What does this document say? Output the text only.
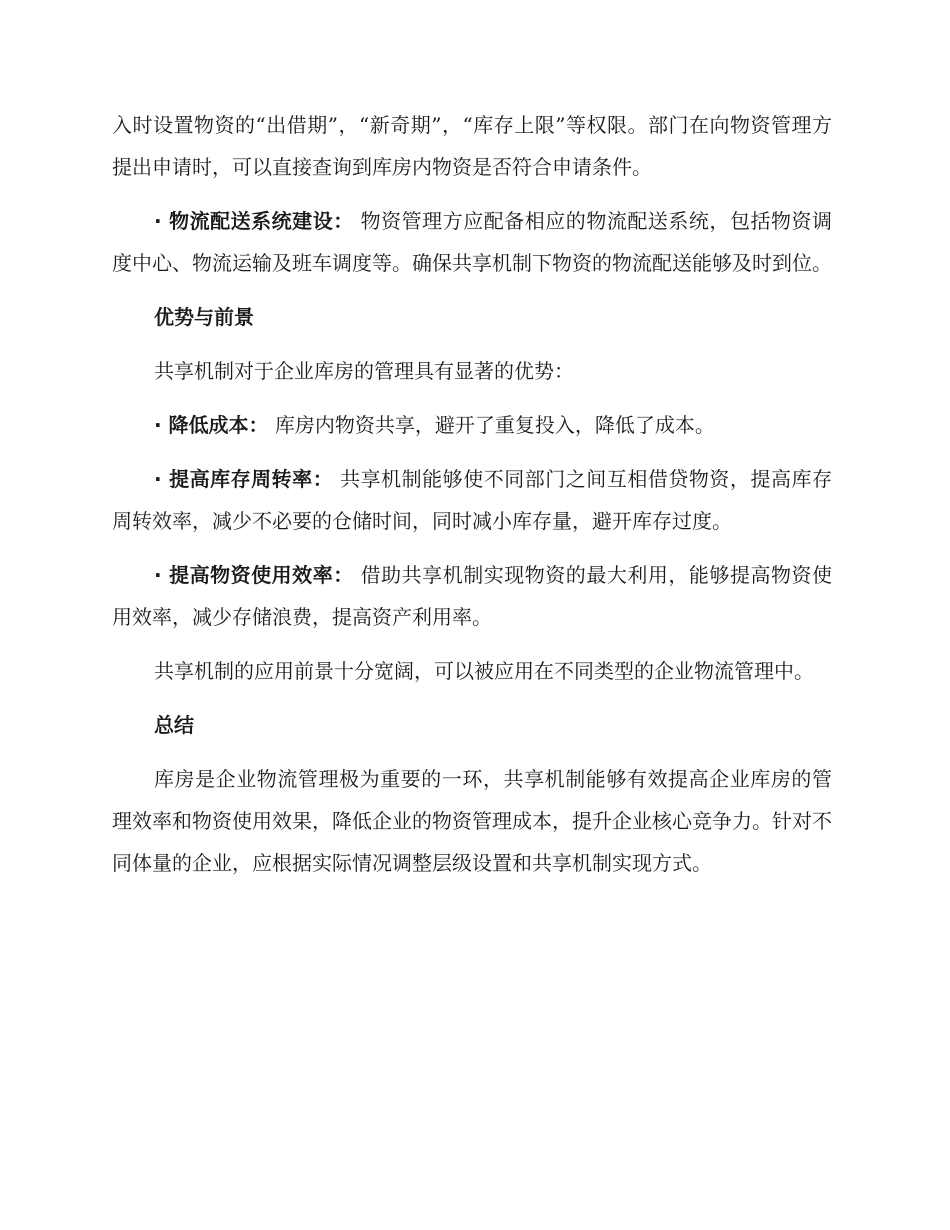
入时设置物资的“出借期”，“新奇期”，“库存上限”等权限。部门在向物资管理方提出申请时，可以直接查询到库房内物资是否符合申请条件。

· 物流配送系统建设： 物资管理方应配备相应的物流配送系统，包括物资调度中心、物流运输及班车调度等。确保共享机制下物资的物流配送能够及时到位。

优势与前景

共享机制对于企业库房的管理具有显著的优势：

· 降低成本： 库房内物资共享，避开了重复投入，降低了成本。

· 提高库存周转率： 共享机制能够使不同部门之间互相借贷物资，提高库存周转效率，减少不必要的仓储时间，同时减小库存量，避开库存过度。

· 提高物资使用效率： 借助共享机制实现物资的最大利用，能够提高物资使用效率，减少存储浪费，提高资产利用率。

共享机制的应用前景十分宽阔，可以被应用在不同类型的企业物流管理中。

总结

库房是企业物流管理极为重要的一环，共享机制能够有效提高企业库房的管理效率和物资使用效果，降低企业的物资管理成本，提升企业核心竞争力。针对不同体量的企业，应根据实际情况调整层级设置和共享机制实现方式。
